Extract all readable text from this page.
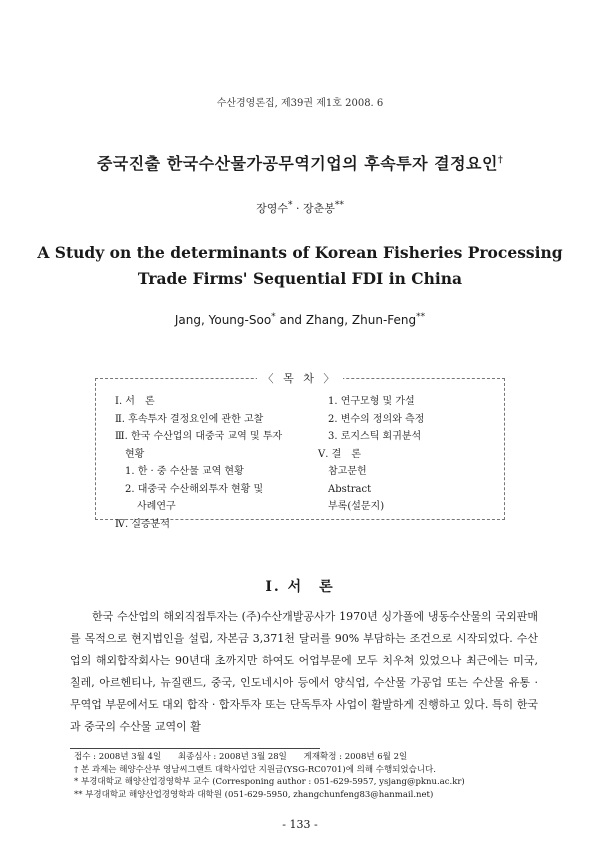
수산경영론집, 제39권 제1호 2008. 6
중국진출 한국수산물가공무역기업의 후속투자 결정요인†
장영수* · 장춘봉**
A Study on the determinants of Korean Fisheries Processing
Trade Firms' Sequential FDI in China
Jang, Young-Soo* and Zhang, Zhun-Feng**
〈 목 차 〉
Ⅰ. 서　론
Ⅱ. 후속투자 결정요인에 관한 고찰
Ⅲ. 한국 수산업의 대중국 교역 및 투자
현황
1. 한 · 중 수산물 교역 현황
2. 대중국 수산해외투자 현황 및
사례연구
Ⅳ. 실증분석
1. 연구모형 및 가설
2. 변수의 정의와 측정
3. 로지스틱 회귀분석
Ⅴ. 결　론
참고문헌
Abstract
부록(설문지)
Ⅰ. 서　론

한국 수산업의 해외직접투자는 (주)수산개발공사가 1970년 싱가폴에 냉동수산물의 국외판매를 목적으로 현지법인을 설립, 자본금 3,371천 달러를 90% 부담하는 조건으로 시작되었다. 수산업의 해외합작회사는 90년대 초까지만 하여도 어업부문에 모두 치우쳐 있었으나 최근에는 미국, 칠레, 아르헨티나, 뉴질랜드, 중국, 인도네시아 등에서 양식업, 수산물 가공업 또는 수산물 유통 · 무역업 부문에서도 대외 합작 · 합자투자 또는 단독투자 사업이 활발하게 진행하고 있다. 특히 한국과 중국의 수산물 교역이 활

접수 : 2008년 3월 4일 최종심사 : 2008년 3월 28일 게재확정 : 2008년 6월 2일
† 본 과제는 해양수산부 영남씨그랜트 대학사업단 지원금(YSG-RC0701)에 의해 수행되었습니다.
* 부경대학교 해양산업경영학부 교수 (Corresponing author : 051-629-5957, ysjang@pknu.ac.kr)
** 부경대학교 해양산업경영학과 대학원 (051-629-5950, zhangchunfeng83@hanmail.net)
- 133 -
